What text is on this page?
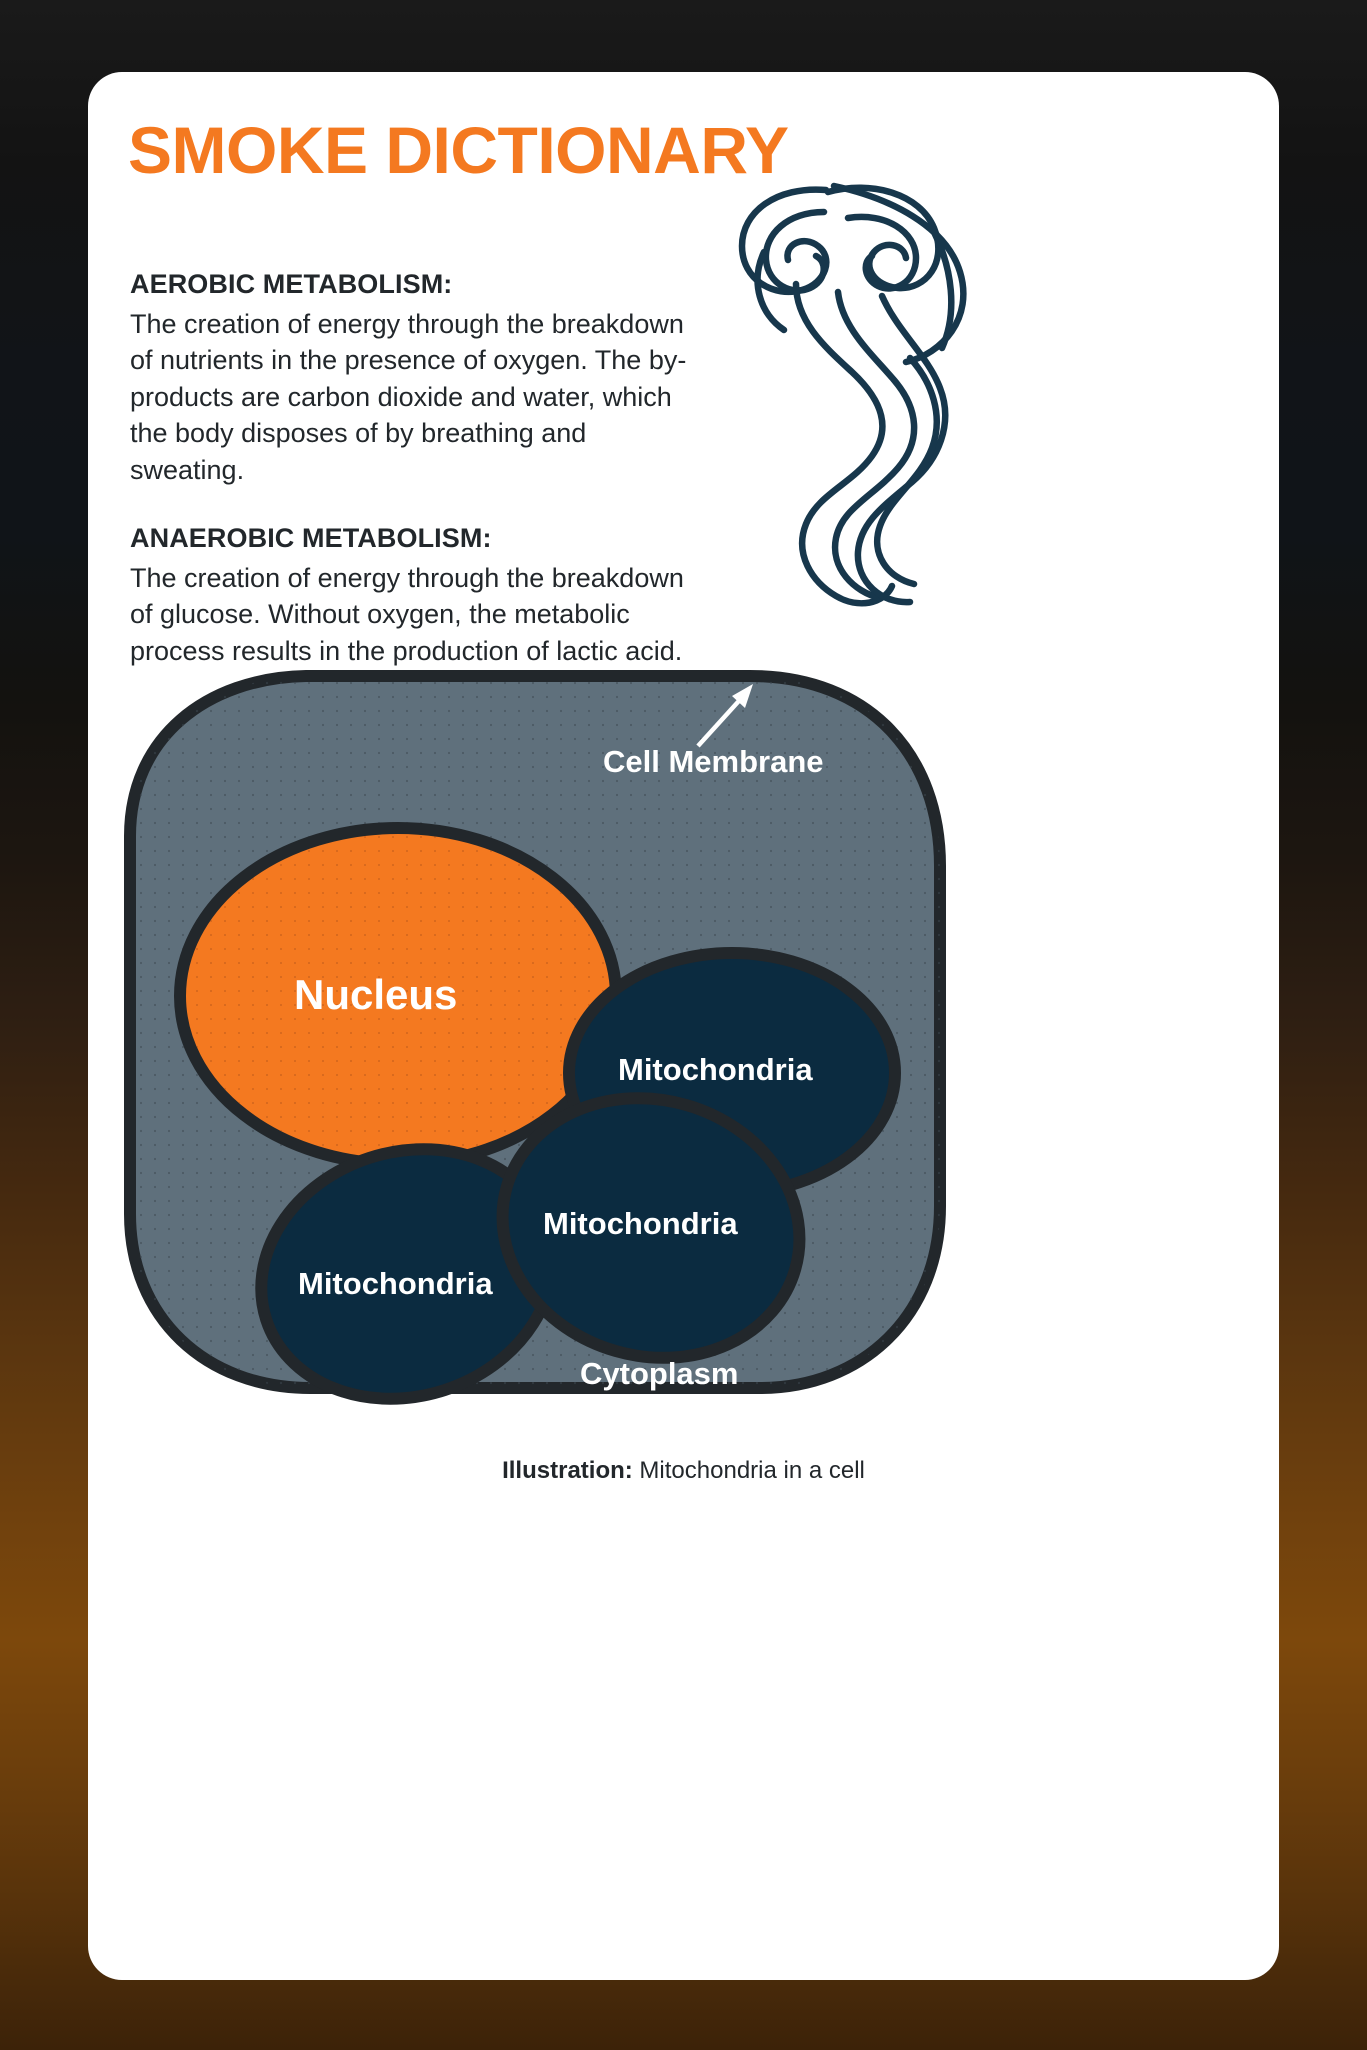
SMOKE DICTIONARY

AEROBIC METABOLISM:

The creation of energy through the breakdown of nutrients in the presence of oxygen. The by-products are carbon dioxide and water, which the body disposes of by breathing and sweating.

ANAEROBIC METABOLISM:

The creation of energy through the breakdown of glucose. Without oxygen, the metabolic process results in the production of lactic acid.

Cell Membrane
Nucleus
Mitochondria
Mitochondria
Mitochondria
Cytoplasm
Illustration: Mitochondria in a cell
